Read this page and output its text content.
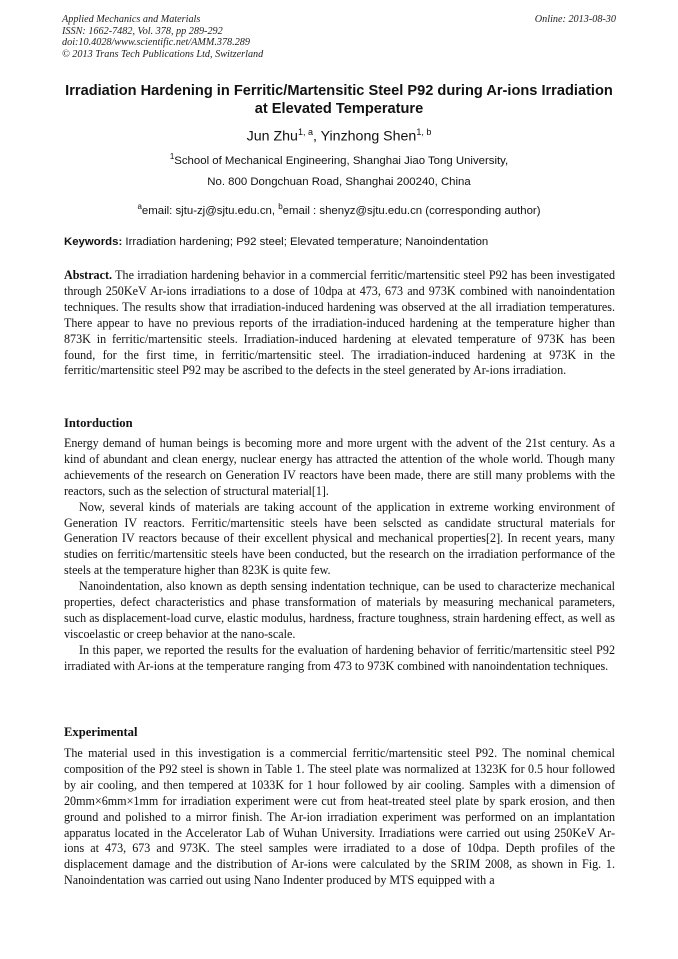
Applied Mechanics and Materials
ISSN: 1662-7482, Vol. 378, pp 289-292
doi:10.4028/www.scientific.net/AMM.378.289
© 2013 Trans Tech Publications Ltd, Switzerland
Online: 2013-08-30
Irradiation Hardening in Ferritic/Martensitic Steel P92 during Ar-ions Irradiation at Elevated Temperature
Jun Zhu$^{1, a}$, Yinzhong Shen$^{1, b}$
$^1$School of Mechanical Engineering, Shanghai Jiao Tong University,
No. 800 Dongchuan Road, Shanghai 200240, China
$^a$email: sjtu-zj@sjtu.edu.cn, $^b$email : shenyz@sjtu.edu.cn (corresponding author)
Keywords: Irradiation hardening; P92 steel; Elevated temperature; Nanoindentation

Abstract. The irradiation hardening behavior in a commercial ferritic/martensitic steel P92 has been investigated through 250KeV Ar-ions irradiations to a dose of 10dpa at 473, 673 and 973K combined with nanoindentation techniques. The results show that irradiation-induced hardening was observed at the all irradiation temperatures. There appear to have no previous reports of the irradiation-induced hardening at the temperature higher than 873K in ferritic/martensitic steels. Irradiation-induced hardening at elevated temperature of 973K has been found, for the first time, in ferritic/martensitic steel. The irradiation-induced hardening at 973K in the ferritic/martensitic steel P92 may be ascribed to the defects in the steel generated by Ar-ions irradiation.

Intorduction

Energy demand of human beings is becoming more and more urgent with the advent of the 21st century. As a kind of abundant and clean energy, nuclear energy has attracted the attention of the whole world. Though many achievements of the research on Generation IV reactors have been made, there are still many problems with the reactors, such as the selection of structural material[1].

Now, several kinds of materials are taking account of the application in extreme working environment of Generation IV reactors. Ferritic/martensitic steels have been selscted as candidate structural materials for Generation IV reactors because of their excellent physical and mechanical properties[2]. In recent years, many studies on ferritic/martensitic steels have been conducted, but the research on the irradiation performance of the steels at the temperature higher than 823K is quite few.

Nanoindentation, also known as depth sensing indentation technique, can be used to characterize mechanical properties, defect characteristics and phase transformation of materials by measuring mechanical parameters, such as displacement-load curve, elastic modulus, hardness, fracture toughness, strain hardening effect, as well as viscoelastic or creep behavior at the nano-scale.

In this paper, we reported the results for the evaluation of hardening behavior of ferritic/martensitic steel P92 irradiated with Ar-ions at the temperature ranging from 473 to 973K combined with nanoindentation techniques.

Experimental

The material used in this investigation is a commercial ferritic/martensitic steel P92. The nominal chemical composition of the P92 steel is shown in Table 1. The steel plate was normalized at 1323K for 0.5 hour followed by air cooling, and then tempered at 1033K for 1 hour followed by air cooling. Samples with a dimension of 20mm×6mm×1mm for irradiation experiment were cut from heat-treated steel plate by spark erosion, and then ground and polished to a mirror finish. The Ar-ion irradiation experiment was performed on an implantation apparatus located in the Accelerator Lab of Wuhan University. Irradiations were carried out using 250KeV Ar-ions at 473, 673 and 973K. The steel samples were irradiated to a dose of 10dpa. Depth profiles of the displacement damage and the distribution of Ar-ions were calculated by the SRIM 2008, as shown in Fig. 1. Nanoindentation was carried out using Nano Indenter produced by MTS equipped with a
